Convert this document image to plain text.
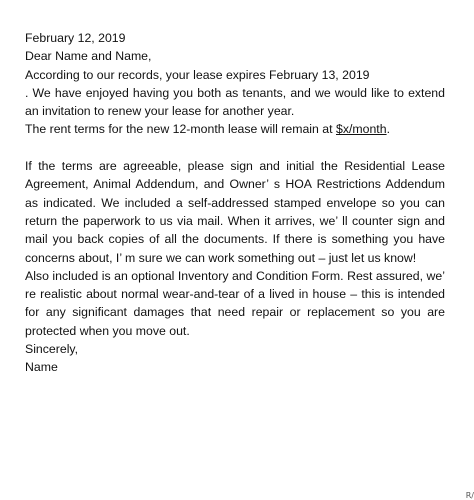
February 12, 2019
Dear Name and Name,
According to our records, your lease expires February 13, 2019
. We have enjoyed having you both as tenants, and we would like to extend an invitation to renew your lease for another year.
The rent terms for the new 12-month lease will remain at $x/month.
If the terms are agreeable, please sign and initial the Residential Lease Agreement, Animal Addendum, and Owner’ s HOA Restrictions Addendum as indicated. We included a self-addressed stamped envelope so you can return the paperwork to us via mail. When it arrives, we’ ll counter sign and mail you back copies of all the documents. If there is something you have concerns about, I’ m sure we can work something out – just let us know!
Also included is an optional Inventory and Condition Form. Rest assured, we’ re realistic about normal wear-and-tear of a lived in house – this is intended for any significant damages that need repair or replacement so you are protected when you move out.
Sincerely,
Name
R/
